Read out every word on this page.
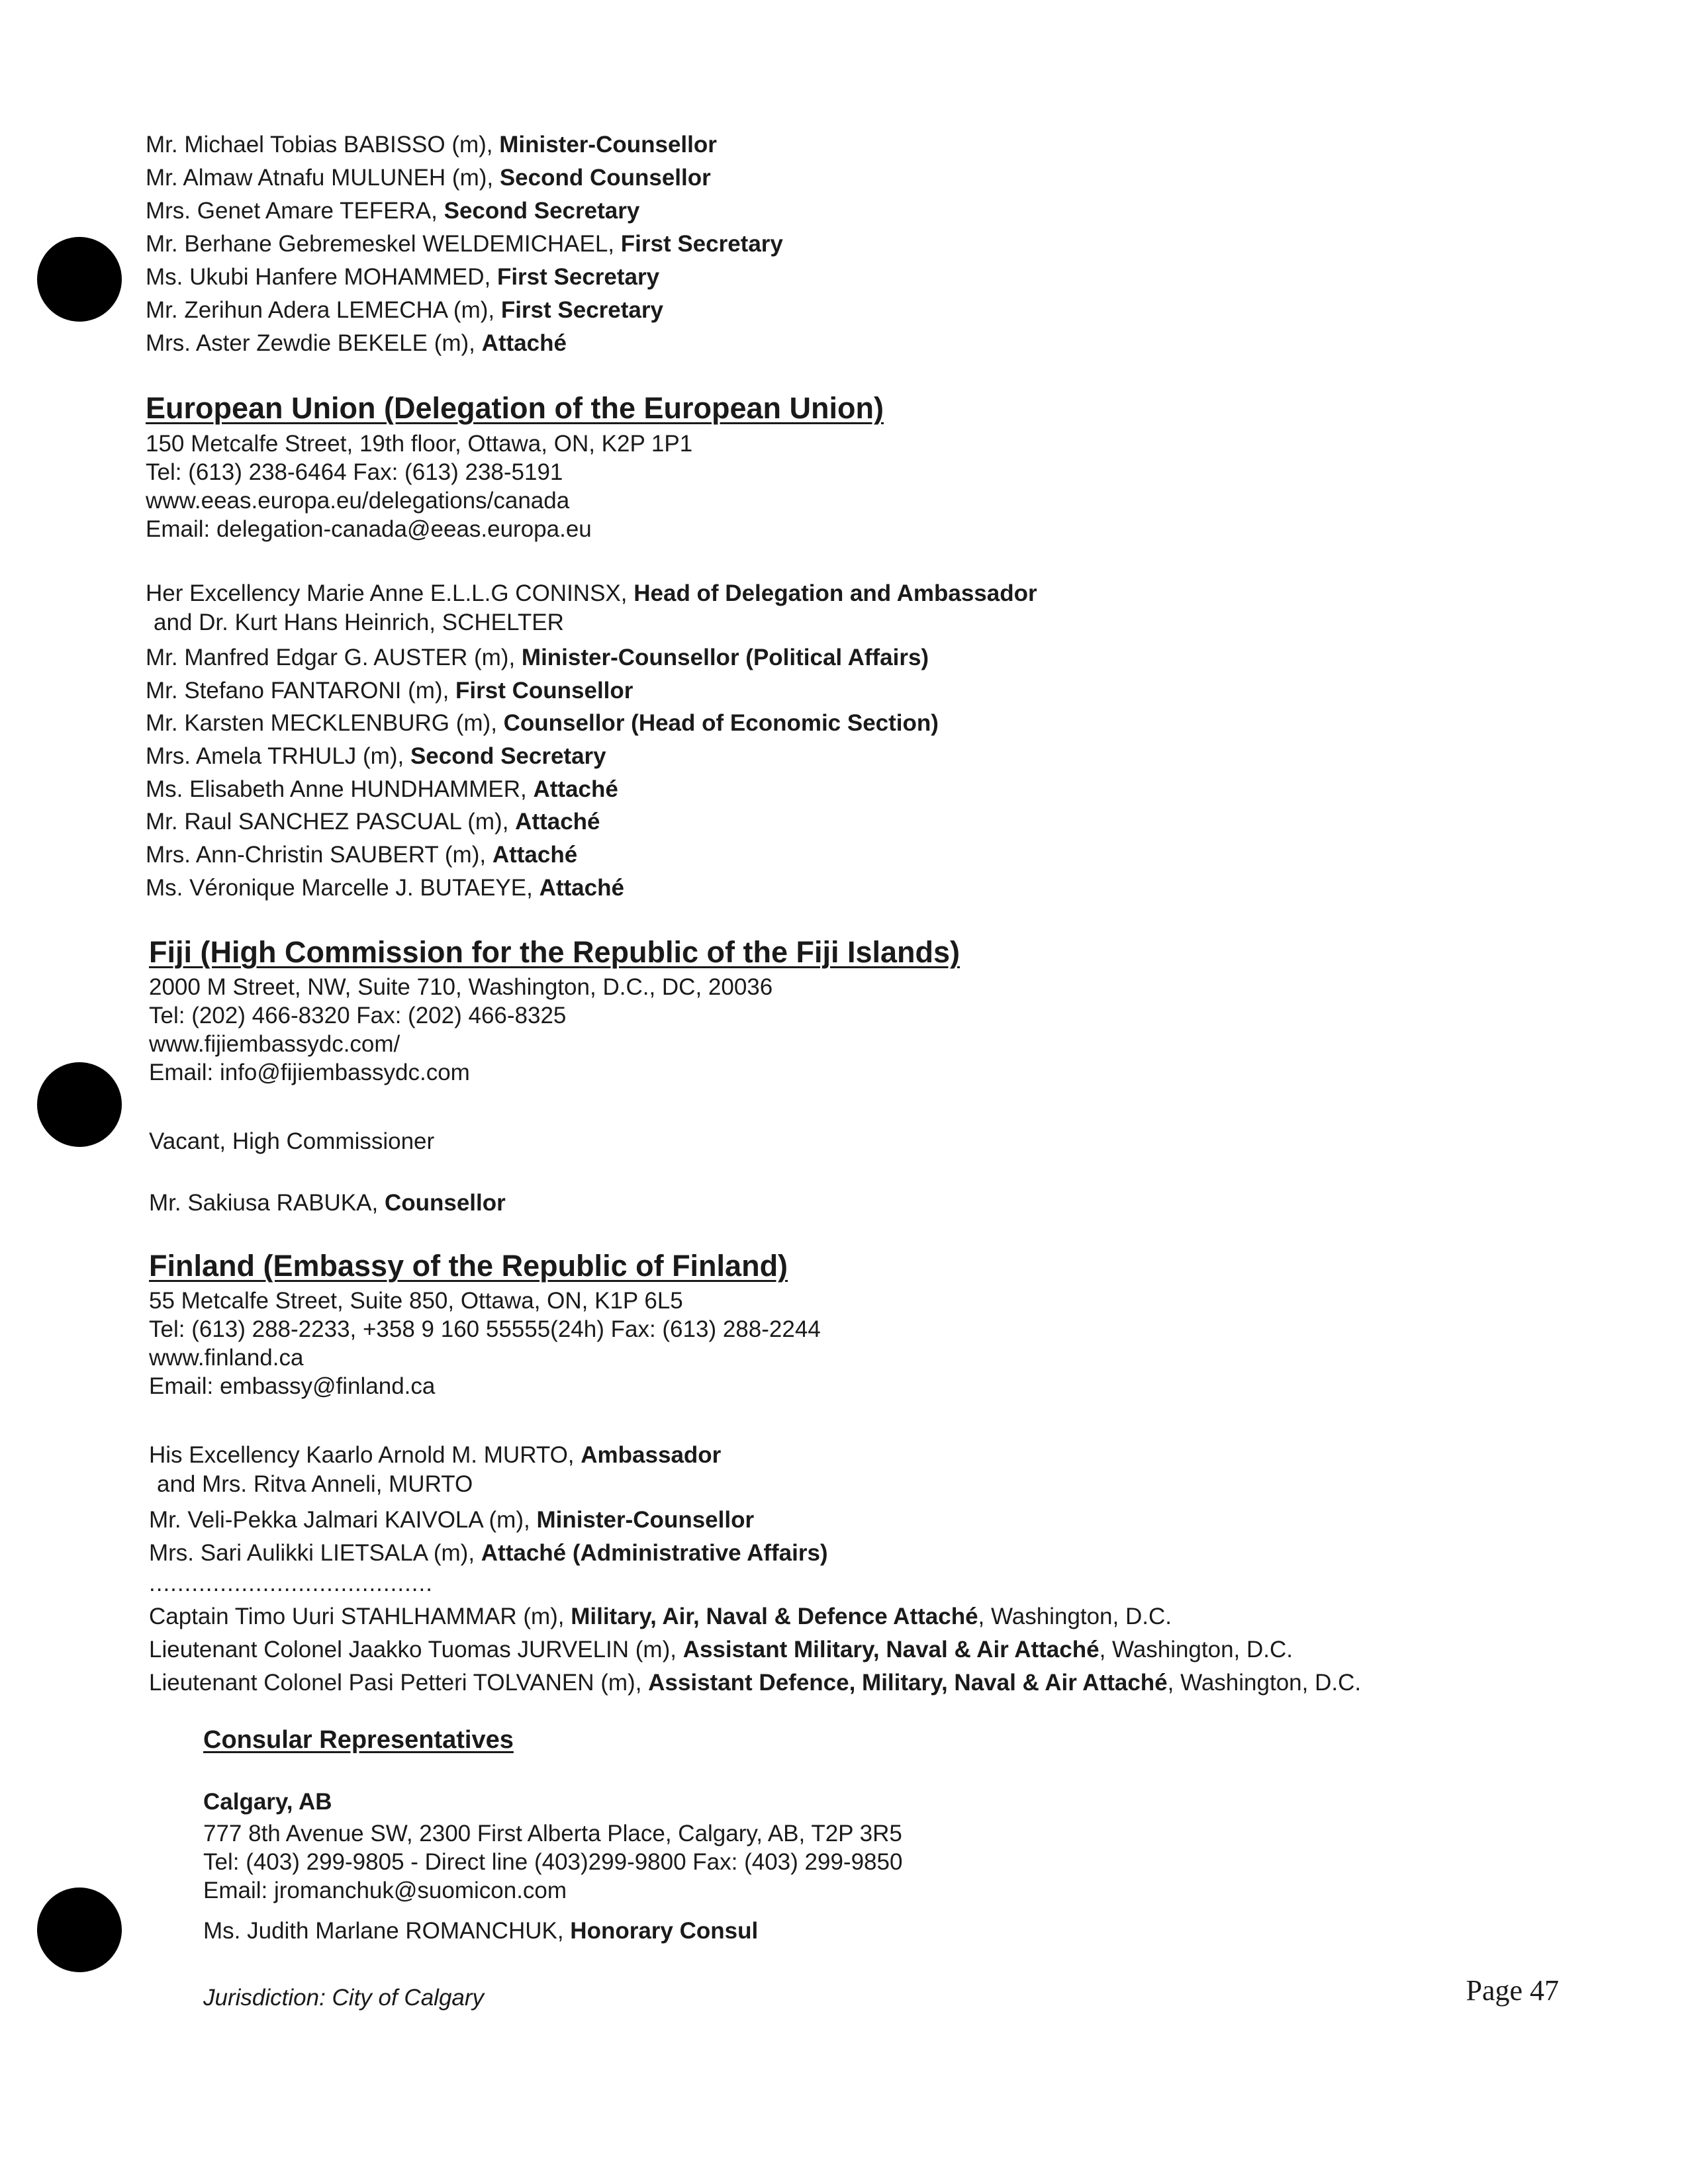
Mr. Michael Tobias BABISSO (m), Minister-Counsellor
Mr. Almaw Atnafu MULUNEH (m), Second Counsellor
Mrs. Genet Amare TEFERA, Second Secretary
Mr. Berhane Gebremeskel WELDEMICHAEL, First Secretary
Ms. Ukubi Hanfere MOHAMMED, First Secretary
Mr. Zerihun Adera LEMECHA (m), First Secretary
Mrs. Aster Zewdie BEKELE (m), Attaché
European Union (Delegation of the European Union)
150 Metcalfe Street, 19th floor, Ottawa, ON, K2P 1P1
Tel: (613) 238-6464 Fax: (613) 238-5191
www.eeas.europa.eu/delegations/canada
Email: delegation-canada@eeas.europa.eu
Her Excellency Marie Anne E.L.L.G CONINSX, Head of Delegation and Ambassador
and Dr. Kurt Hans Heinrich, SCHELTER
Mr. Manfred Edgar G. AUSTER (m), Minister-Counsellor (Political Affairs)
Mr. Stefano FANTARONI (m), First Counsellor
Mr. Karsten MECKLENBURG (m), Counsellor (Head of Economic Section)
Mrs. Amela TRHULJ (m), Second Secretary
Ms. Elisabeth Anne HUNDHAMMER, Attaché
Mr. Raul SANCHEZ PASCUAL (m), Attaché
Mrs. Ann-Christin SAUBERT (m), Attaché
Ms. Véronique Marcelle J. BUTAEYE, Attaché
Fiji (High Commission for the Republic of the Fiji Islands)
2000 M Street, NW, Suite 710, Washington, D.C., DC, 20036
Tel: (202) 466-8320 Fax: (202) 466-8325
www.fijiembassydc.com/
Email: info@fijiembassydc.com
Vacant, High Commissioner
Mr. Sakiusa RABUKA, Counsellor
Finland (Embassy of the Republic of Finland)
55 Metcalfe Street, Suite 850, Ottawa, ON, K1P 6L5
Tel: (613) 288-2233, +358 9 160 55555(24h) Fax: (613) 288-2244
www.finland.ca
Email: embassy@finland.ca
His Excellency Kaarlo Arnold M. MURTO, Ambassador
and Mrs. Ritva Anneli, MURTO
Mr. Veli-Pekka Jalmari KAIVOLA (m), Minister-Counsellor
Mrs. Sari Aulikki LIETSALA (m), Attaché (Administrative Affairs)
........................................
Captain Timo Uuri STAHLHAMMAR (m), Military, Air, Naval & Defence Attaché, Washington, D.C.
Lieutenant Colonel Jaakko Tuomas JURVELIN (m), Assistant Military, Naval & Air Attaché, Washington, D.C.
Lieutenant Colonel Pasi Petteri TOLVANEN (m), Assistant Defence, Military, Naval & Air Attaché, Washington, D.C.
Consular Representatives
Calgary, AB
777 8th Avenue SW, 2300 First Alberta Place, Calgary, AB, T2P 3R5
Tel: (403) 299-9805 - Direct line (403)299-9800 Fax: (403) 299-9850
Email: jromanchuk@suomicon.com
Ms. Judith Marlane ROMANCHUK, Honorary Consul
Jurisdiction: City of Calgary	Page 47
